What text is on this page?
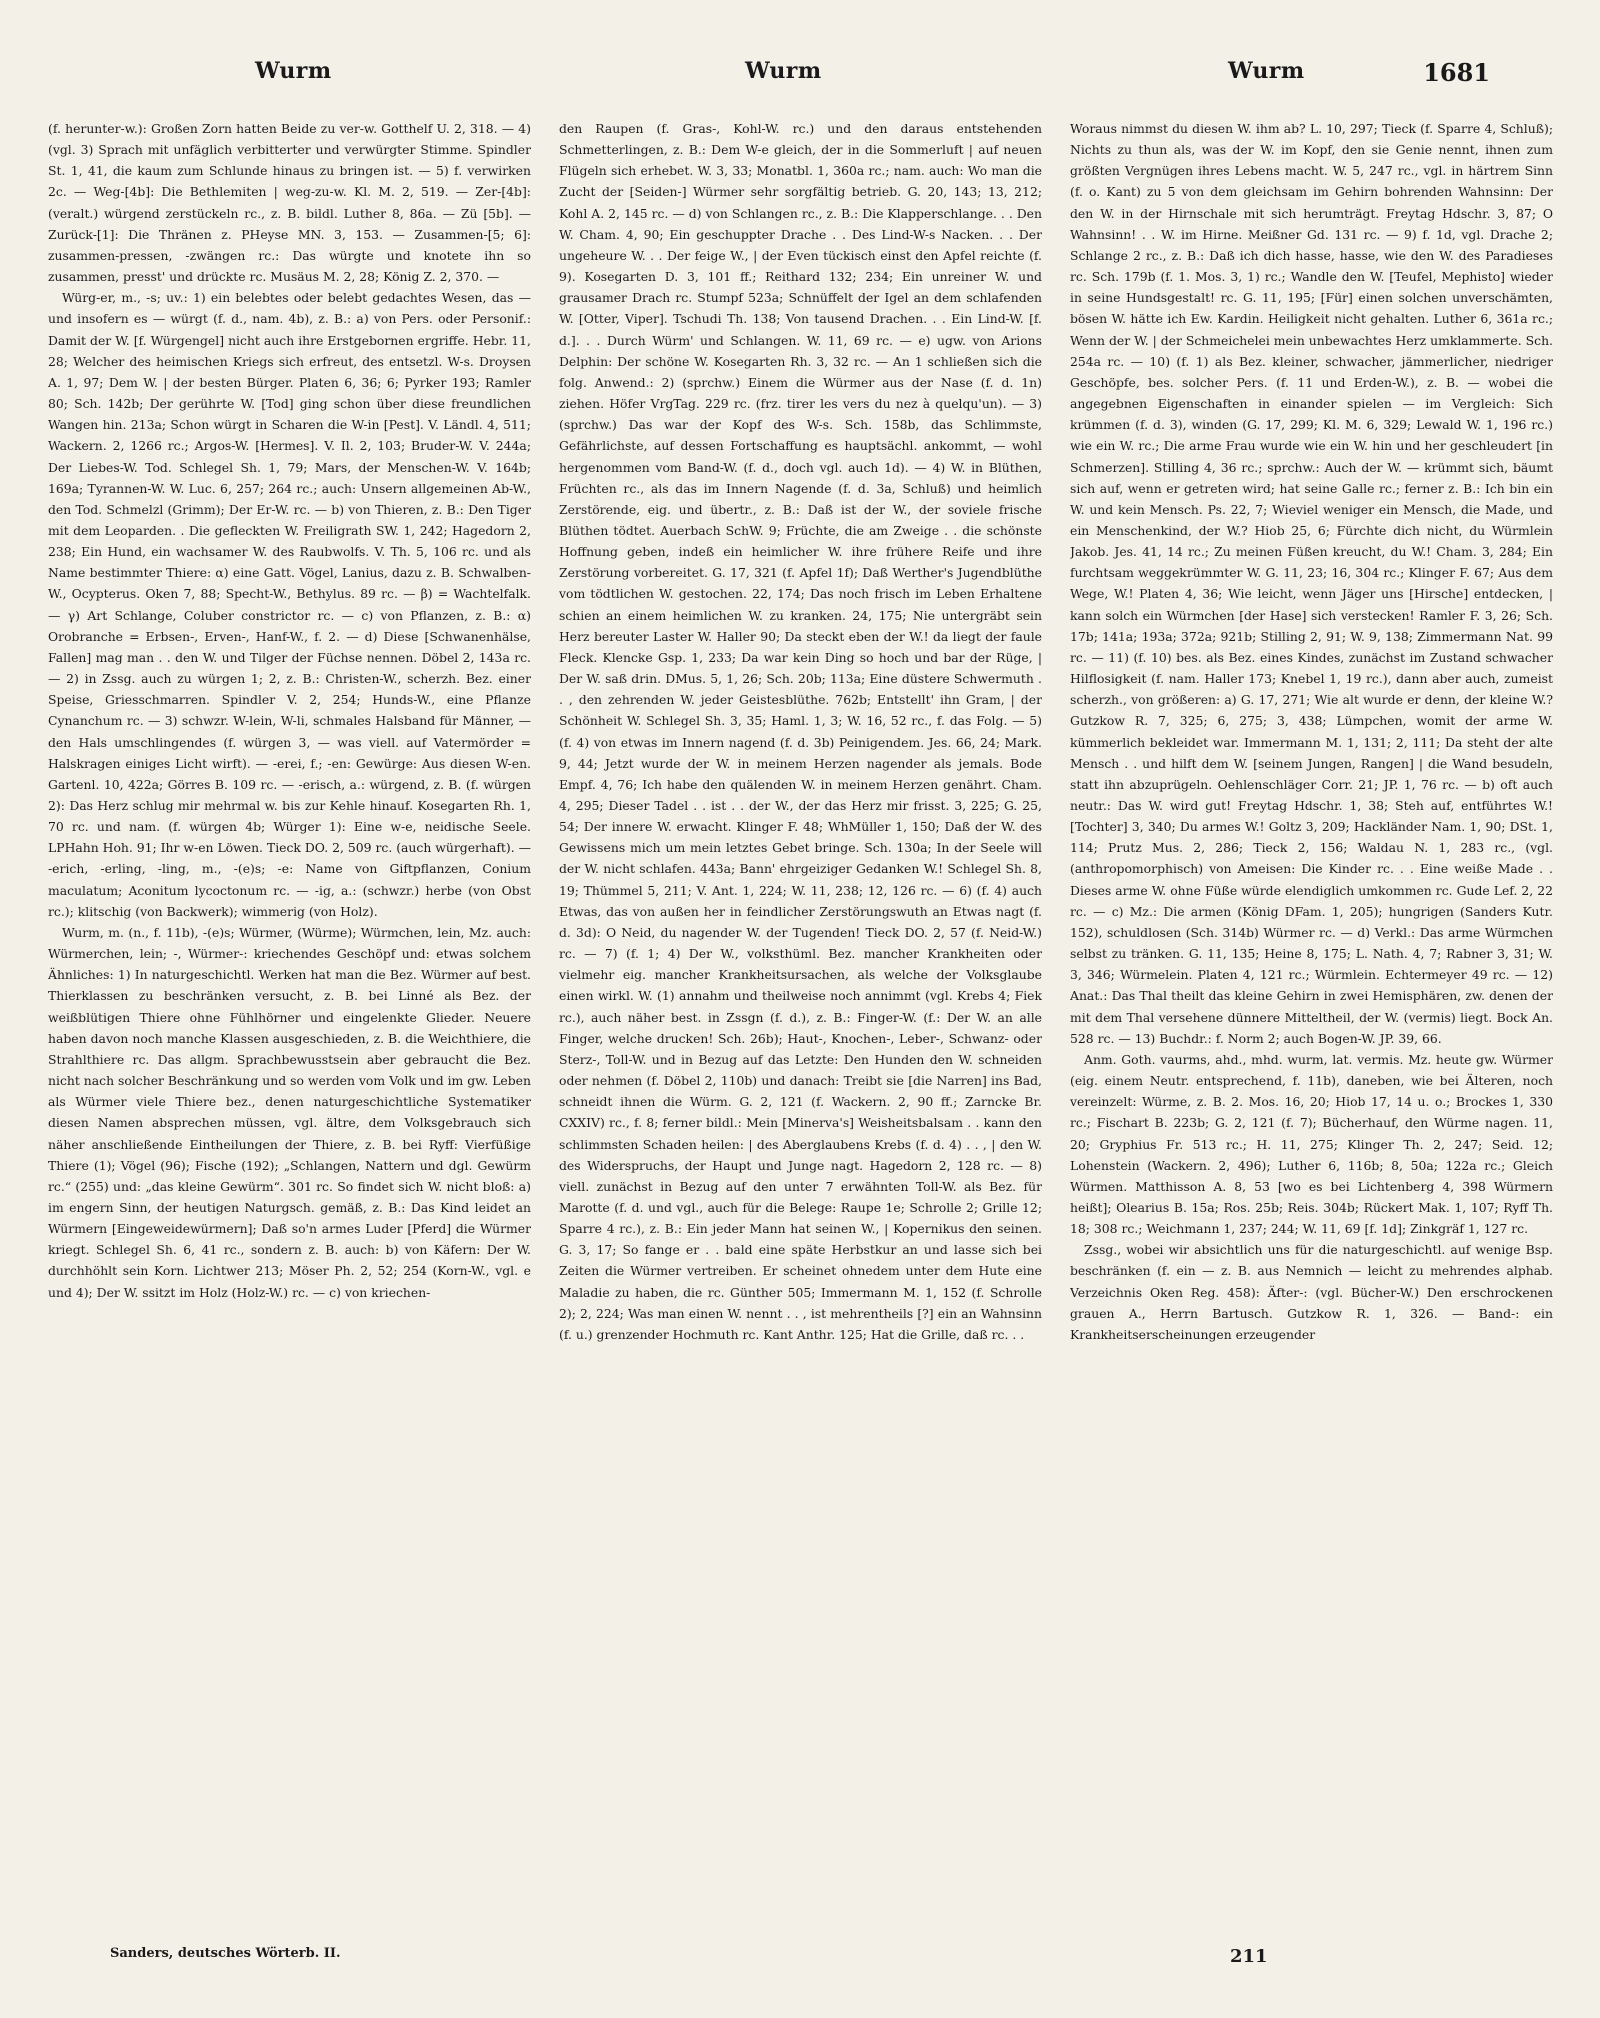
Wurm	Wurm	Wurm	1681

(f. herunter-w.): Großen Zorn hatten Beide zu ver-w. Gotthelf U. 2, 318. — 4) (vgl. 3) Sprach mit unfäglich verbitterter und verwürgter Stimme. Spindler St. 1, 41, die kaum zum Schlunde hinaus zu bringen ist. — 5) f. verwirken 2c. — Weg-[4b]: Die Bethlemiten | weg-zu-w. Kl. M. 2, 519. — Zer-[4b]: (veralt.) würgend zerstückeln rc., z. B. bildl. Luther 8, 86a. — Zü [5b]. — Zurück-[1]: Die Thränen z. PHeyse MN. 3, 153. — Zusammen-[5; 6]: zusammen-pressen, -zwängen rc.: Das würgte und knotete ihn so zusammen, presst' und drückte rc. Musäus M. 2, 28; König Z. 2, 370. —

Würg-er, m., -s; uv.: 1) ein belebtes oder belebt gedachtes Wesen, das — und insofern es — würgt (f. d., nam. 4b), z. B.: a) von Pers. oder Personif.: Damit der W. [f. Würgengel] nicht auch ihre Erstgebornen ergriffe. Hebr. 11, 28; Welcher des heimischen Kriegs sich erfreut, des entsetzl. W-s. Droysen A. 1, 97; Dem W. | der besten Bürger. Platen 6, 36; 6; Pyrker 193; Ramler 80; Sch. 142b; Der gerührte W. [Tod] ging schon über diese freundlichen Wangen hin. 213a; Schon würgt in Scharen die W-in [Pest]. V. Ländl. 4, 511; Wackern. 2, 1266 rc.; Argos-W. [Hermes]. V. Il. 2, 103; Bruder-W. V. 244a; Der Liebes-W. Tod. Schlegel Sh. 1, 79; Mars, der Menschen-W. V. 164b; 169a; Tyrannen-W. W. Luc. 6, 257; 264 rc.; auch: Unsern allgemeinen Ab-W., den Tod. Schmelzl (Grimm); Der Er-W. rc. — b) von Thieren, z. B.: Den Tiger mit dem Leoparden. . Die gefleckten W. Freiligrath SW. 1, 242; Hagedorn 2, 238; Ein Hund, ein wachsamer W. des Raubwolfs. V. Th. 5, 106 rc. und als Name bestimmter Thiere: α) eine Gatt. Vögel, Lanius, dazu z. B. Schwalben-W., Ocypterus. Oken 7, 88; Specht-W., Bethylus. 89 rc. — β) = Wachtelfalk. — γ) Art Schlange, Coluber constrictor rc. — c) von Pflanzen, z. B.: α) Orobranche = Erbsen-, Erven-, Hanf-W., f. 2. — d) Diese [Schwanenhälse, Fallen] mag man . . den W. und Tilger der Füchse nennen. Döbel 2, 143a rc. — 2) in Zssg. auch zu würgen 1; 2, z. B.: Christen-W., scherzh. Bez. einer Speise, Griesschmarren. Spindler V. 2, 254; Hunds-W., eine Pflanze Cynanchum rc. — 3) schwzr. W-lein, W-li, schmales Halsband für Männer, — den Hals umschlingendes (f. würgen 3, — was viell. auf Vatermörder = Halskragen einiges Licht wirft). — -erei, f.; -en: Gewürge: Aus diesen W-en. Gartenl. 10, 422a; Görres B. 109 rc. — -erisch, a.: würgend, z. B. (f. würgen 2): Das Herz schlug mir mehrmal w. bis zur Kehle hinauf. Kosegarten Rh. 1, 70 rc. und nam. (f. würgen 4b; Würger 1): Eine w-e, neidische Seele. LPHahn Hoh. 91; Ihr w-en Löwen. Tieck DO. 2, 509 rc. (auch würgerhaft). — -erich, -erling, -ling, m., -(e)s; -e: Name von Giftpflanzen, Conium maculatum; Aconitum lycoctonum rc. — -ig, a.: (schwzr.) herbe (von Obst rc.); klitschig (von Backwerk); wimmerig (von Holz).

Wurm, m. (n., f. 11b), -(e)s; Würmer, (Würme); Würmchen, lein, Mz. auch: Würmerchen, lein; -, Würmer-: kriechendes Geschöpf und: etwas solchem Ähnliches: 1) In naturgeschichtl. Werken hat man die Bez. Würmer auf best. Thierklassen zu beschränken versucht, z. B. bei Linné als Bez. der weißblütigen Thiere ohne Fühlhörner und eingelenkte Glieder. Neuere haben davon noch manche Klassen ausgeschieden, z. B. die Weichthiere, die Strahlthiere rc. Das allgm. Sprachbewusstsein aber gebraucht die Bez. nicht nach solcher Beschränkung und so werden vom Volk und im gw. Leben als Würmer viele Thiere bez., denen naturgeschichtliche Systematiker diesen Namen absprechen müssen, vgl. ältre, dem Volksgebrauch sich näher anschließende Eintheilungen der Thiere, z. B. bei Ryff: Vierfüßige Thiere (1); Vögel (96); Fische (192); „Schlangen, Nattern und dgl. Gewürm rc.“ (255) und: „das kleine Gewürm“. 301 rc. So findet sich W. nicht bloß: a) im engern Sinn, der heutigen Naturgsch. gemäß, z. B.: Das Kind leidet an Würmern [Eingeweidewürmern]; Daß so'n armes Luder [Pferd] die Würmer kriegt. Schlegel Sh. 6, 41 rc., sondern z. B. auch: b) von Käfern: Der W. durchhöhlt sein Korn. Lichtwer 213; Möser Ph. 2, 52; 254 (Korn-W., vgl. e und 4); Der W. ssitzt im Holz (Holz-W.) rc. — c) von kriechen-

den Raupen (f. Gras-, Kohl-W. rc.) und den daraus entstehenden Schmetterlingen, z. B.: Dem W-e gleich, der in die Sommerluft | auf neuen Flügeln sich erhebet. W. 3, 33; Monatbl. 1, 360a rc.; nam. auch: Wo man die Zucht der [Seiden-] Würmer sehr sorgfältig betrieb. G. 20, 143; 13, 212; Kohl A. 2, 145 rc. — d) von Schlangen rc., z. B.: Die Klapperschlange. . . Den W. Cham. 4, 90; Ein geschuppter Drache . . Des Lind-W-s Nacken. . . Der ungeheure W. . . Der feige W., | der Even tückisch einst den Apfel reichte (f. 9). Kosegarten D. 3, 101 ff.; Reithard 132; 234; Ein unreiner W. und grausamer Drach rc. Stumpf 523a; Schnüffelt der Igel an dem schlafenden W. [Otter, Viper]. Tschudi Th. 138; Von tausend Drachen. . . Ein Lind-W. [f. d.]. . . Durch Würm' und Schlangen. W. 11, 69 rc. — e) ugw. von Arions Delphin: Der schöne W. Kosegarten Rh. 3, 32 rc. — An 1 schließen sich die folg. Anwend.: 2) (sprchw.) Einem die Würmer aus der Nase (f. d. 1n) ziehen. Höfer VrgTag. 229 rc. (frz. tirer les vers du nez à quelqu'un). — 3) (sprchw.) Das war der Kopf des W-s. Sch. 158b, das Schlimmste, Gefährlichste, auf dessen Fortschaffung es hauptsächl. ankommt, — wohl hergenommen vom Band-W. (f. d., doch vgl. auch 1d). — 4) W. in Blüthen, Früchten rc., als das im Innern Nagende (f. d. 3a, Schluß) und heimlich Zerstörende, eig. und übertr., z. B.: Daß ist der W., der soviele frische Blüthen tödtet. Auerbach SchW. 9; Früchte, die am Zweige . . die schönste Hoffnung geben, indeß ein heimlicher W. ihre frühere Reife und ihre Zerstörung vorbereitet. G. 17, 321 (f. Apfel 1f); Daß Werther's Jugendblüthe vom tödtlichen W. gestochen. 22, 174; Das noch frisch im Leben Erhaltene schien an einem heimlichen W. zu kranken. 24, 175; Nie untergräbt sein Herz bereuter Laster W. Haller 90; Da steckt eben der W.! da liegt der faule Fleck. Klencke Gsp. 1, 233; Da war kein Ding so hoch und bar der Rüge, | Der W. saß drin. DMus. 5, 1, 26; Sch. 20b; 113a; Eine düstere Schwermuth . . , den zehrenden W. jeder Geistesblüthe. 762b; Entstellt' ihn Gram, | der Schönheit W. Schlegel Sh. 3, 35; Haml. 1, 3; W. 16, 52 rc., f. das Folg. — 5) (f. 4) von etwas im Innern nagend (f. d. 3b) Peinigendem. Jes. 66, 24; Mark. 9, 44; Jetzt wurde der W. in meinem Herzen nagender als jemals. Bode Empf. 4, 76; Ich habe den quälenden W. in meinem Herzen genährt. Cham. 4, 295; Dieser Tadel . . ist . . der W., der das Herz mir frisst. 3, 225; G. 25, 54; Der innere W. erwacht. Klinger F. 48; WhMüller 1, 150; Daß der W. des Gewissens mich um mein letztes Gebet bringe. Sch. 130a; In der Seele will der W. nicht schlafen. 443a; Bann' ehrgeiziger Gedanken W.! Schlegel Sh. 8, 19; Thümmel 5, 211; V. Ant. 1, 224; W. 11, 238; 12, 126 rc. — 6) (f. 4) auch Etwas, das von außen her in feindlicher Zerstörungswuth an Etwas nagt (f. d. 3d): O Neid, du nagender W. der Tugenden! Tieck DO. 2, 57 (f. Neid-W.) rc. — 7) (f. 1; 4) Der W., volksthüml. Bez. mancher Krankheiten oder vielmehr eig. mancher Krankheitsursachen, als welche der Volksglaube einen wirkl. W. (1) annahm und theilweise noch annimmt (vgl. Krebs 4; Fiek rc.), auch näher best. in Zssgn (f. d.), z. B.: Finger-W. (f.: Der W. an alle Finger, welche drucken! Sch. 26b); Haut-, Knochen-, Leber-, Schwanz- oder Sterz-, Toll-W. und in Bezug auf das Letzte: Den Hunden den W. schneiden oder nehmen (f. Döbel 2, 110b) und danach: Treibt sie [die Narren] ins Bad, schneidt ihnen die Würm. G. 2, 121 (f. Wackern. 2, 90 ff.; Zarncke Br. CXXIV) rc., f. 8; ferner bildl.: Mein [Minerva's] Weisheitsbalsam . . kann den schlimmsten Schaden heilen: | des Aberglaubens Krebs (f. d. 4) . . , | den W. des Widerspruchs, der Haupt und Junge nagt. Hagedorn 2, 128 rc. — 8) viell. zunächst in Bezug auf den unter 7 erwähnten Toll-W. als Bez. für Marotte (f. d. und vgl., auch für die Belege: Raupe 1e; Schrolle 2; Grille 12; Sparre 4 rc.), z. B.: Ein jeder Mann hat seinen W., | Kopernikus den seinen. G. 3, 17; So fange er . . bald eine späte Herbstkur an und lasse sich bei Zeiten die Würmer vertreiben. Er scheinet ohnedem unter dem Hute eine Maladie zu haben, die rc. Günther 505; Immermann M. 1, 152 (f. Schrolle 2); 2, 224; Was man einen W. nennt . . , ist mehrentheils [?] ein an Wahnsinn (f. u.) grenzender Hochmuth rc. Kant Anthr. 125; Hat die Grille, daß rc. . .

Woraus nimmst du diesen W. ihm ab? L. 10, 297; Tieck (f. Sparre 4, Schluß); Nichts zu thun als, was der W. im Kopf, den sie Genie nennt, ihnen zum größten Vergnügen ihres Lebens macht. W. 5, 247 rc., vgl. in härtrem Sinn (f. o. Kant) zu 5 von dem gleichsam im Gehirn bohrenden Wahnsinn: Der den W. in der Hirnschale mit sich herumträgt. Freytag Hdschr. 3, 87; O Wahnsinn! . . W. im Hirne. Meißner Gd. 131 rc. — 9) f. 1d, vgl. Drache 2; Schlange 2 rc., z. B.: Daß ich dich hasse, hasse, wie den W. des Paradieses rc. Sch. 179b (f. 1. Mos. 3, 1) rc.; Wandle den W. [Teufel, Mephisto] wieder in seine Hundsgestalt! rc. G. 11, 195; [Für] einen solchen unverschämten, bösen W. hätte ich Ew. Kardin. Heiligkeit nicht gehalten. Luther 6, 361a rc.; Wenn der W. | der Schmeichelei mein unbewachtes Herz umklammerte. Sch. 254a rc. — 10) (f. 1) als Bez. kleiner, schwacher, jämmerlicher, niedriger Geschöpfe, bes. solcher Pers. (f. 11 und Erden-W.), z. B. — wobei die angegebnen Eigenschaften in einander spielen — im Vergleich: Sich krümmen (f. d. 3), winden (G. 17, 299; Kl. M. 6, 329; Lewald W. 1, 196 rc.) wie ein W. rc.; Die arme Frau wurde wie ein W. hin und her geschleudert [in Schmerzen]. Stilling 4, 36 rc.; sprchw.: Auch der W. — krümmt sich, bäumt sich auf, wenn er getreten wird; hat seine Galle rc.; ferner z. B.: Ich bin ein W. und kein Mensch. Ps. 22, 7; Wieviel weniger ein Mensch, die Made, und ein Menschenkind, der W.? Hiob 25, 6; Fürchte dich nicht, du Würmlein Jakob. Jes. 41, 14 rc.; Zu meinen Füßen kreucht, du W.! Cham. 3, 284; Ein furchtsam weggekrümmter W. G. 11, 23; 16, 304 rc.; Klinger F. 67; Aus dem Wege, W.! Platen 4, 36; Wie leicht, wenn Jäger uns [Hirsche] entdecken, | kann solch ein Würmchen [der Hase] sich verstecken! Ramler F. 3, 26; Sch. 17b; 141a; 193a; 372a; 921b; Stilling 2, 91; W. 9, 138; Zimmermann Nat. 99 rc. — 11) (f. 10) bes. als Bez. eines Kindes, zunächst im Zustand schwacher Hilflosigkeit (f. nam. Haller 173; Knebel 1, 19 rc.), dann aber auch, zumeist scherzh., von größeren: a) G. 17, 271; Wie alt wurde er denn, der kleine W.? Gutzkow R. 7, 325; 6, 275; 3, 438; Lümpchen, womit der arme W. kümmerlich bekleidet war. Immermann M. 1, 131; 2, 111; Da steht der alte Mensch . . und hilft dem W. [seinem Jungen, Rangen] | die Wand besudeln, statt ihn abzuprügeln. Oehlenschläger Corr. 21; JP. 1, 76 rc. — b) oft auch neutr.: Das W. wird gut! Freytag Hdschr. 1, 38; Steh auf, entführtes W.! [Tochter] 3, 340; Du armes W.! Goltz 3, 209; Hackländer Nam. 1, 90; DSt. 1, 114; Prutz Mus. 2, 286; Tieck 2, 156; Waldau N. 1, 283 rc., (vgl. (anthropomorphisch) von Ameisen: Die Kinder rc. . . Eine weiße Made . . Dieses arme W. ohne Füße würde elendiglich umkommen rc. Gude Lef. 2, 22 rc. — c) Mz.: Die armen (König DFam. 1, 205); hungrigen (Sanders Kutr. 152), schuldlosen (Sch. 314b) Würmer rc. — d) Verkl.: Das arme Würmchen selbst zu tränken. G. 11, 135; Heine 8, 175; L. Nath. 4, 7; Rabner 3, 31; W. 3, 346; Würmelein. Platen 4, 121 rc.; Würmlein. Echtermeyer 49 rc. — 12) Anat.: Das Thal theilt das kleine Gehirn in zwei Hemisphären, zw. denen der mit dem Thal versehene dünnere Mitteltheil, der W. (vermis) liegt. Bock An. 528 rc. — 13) Buchdr.: f. Norm 2; auch Bogen-W. JP. 39, 66.

Anm. Goth. vaurms, ahd., mhd. wurm, lat. vermis. Mz. heute gw. Würmer (eig. einem Neutr. entsprechend, f. 11b), daneben, wie bei Älteren, noch vereinzelt: Würme, z. B. 2. Mos. 16, 20; Hiob 17, 14 u. o.; Brockes 1, 330 rc.; Fischart B. 223b; G. 2, 121 (f. 7); Bücherhauf, den Würme nagen. 11, 20; Gryphius Fr. 513 rc.; H. 11, 275; Klinger Th. 2, 247; Seid. 12; Lohenstein (Wackern. 2, 496); Luther 6, 116b; 8, 50a; 122a rc.; Gleich Würmen. Matthisson A. 8, 53 [wo es bei Lichtenberg 4, 398 Würmern heißt]; Olearius B. 15a; Ros. 25b; Reis. 304b; Rückert Mak. 1, 107; Ryff Th. 18; 308 rc.; Weichmann 1, 237; 244; W. 11, 69 [f. 1d]; Zinkgräf 1, 127 rc.

Zssg., wobei wir absichtlich uns für die naturgeschichtl. auf wenige Bsp. beschränken (f. ein — z. B. aus Nemnich — leicht zu mehrendes alphab. Verzeichnis Oken Reg. 458): Äfter-: (vgl. Bücher-W.) Den erschrockenen grauen A., Herrn Bartusch. Gutzkow R. 1, 326. — Band-: ein Krankheitserscheinungen erzeugender

Sanders, deutsches Wörterb. II.	211
